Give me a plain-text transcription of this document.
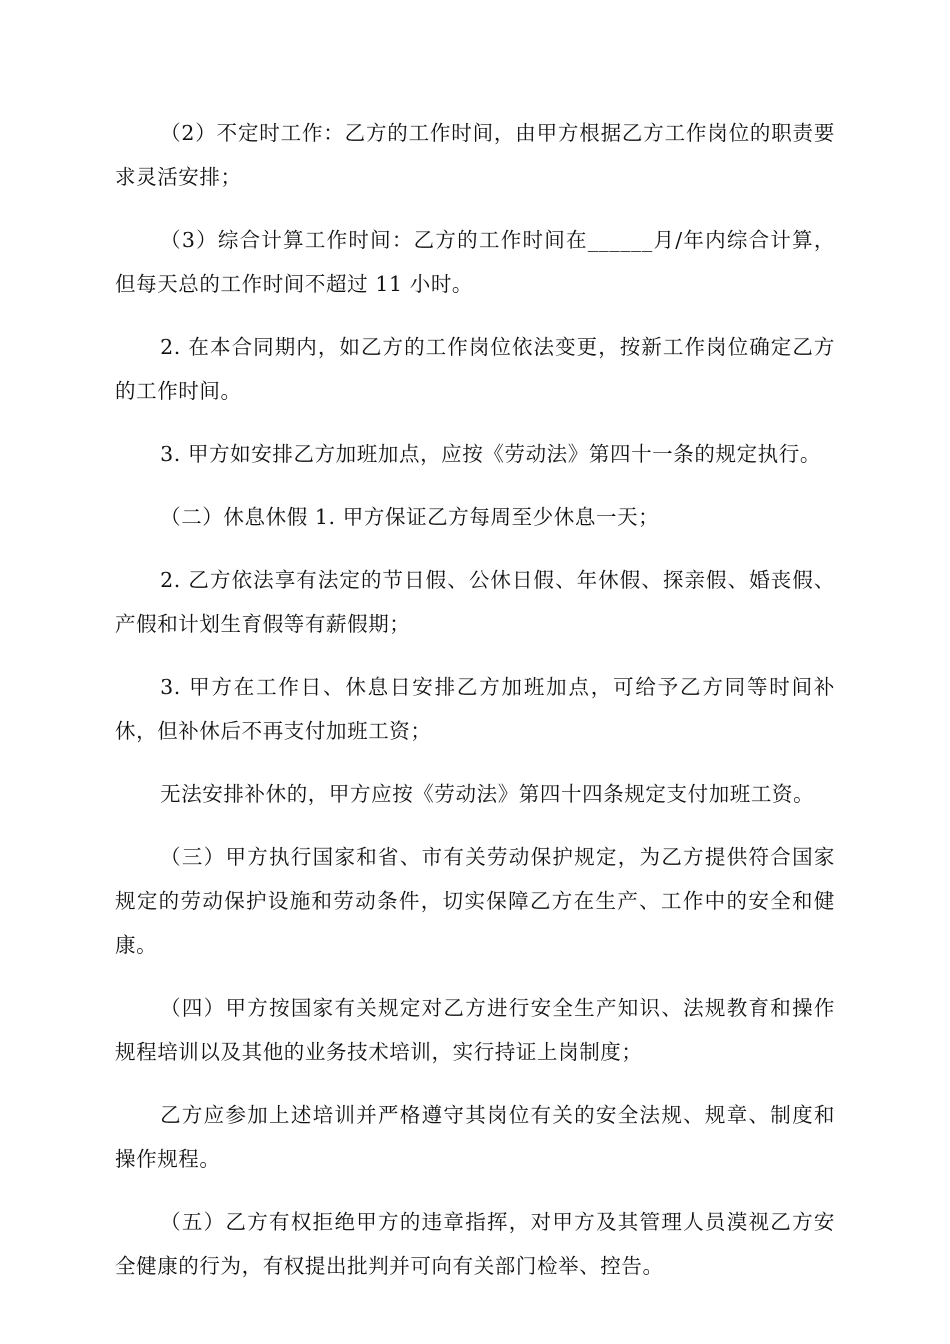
（2）不定时工作：乙方的工作时间，由甲方根据乙方工作岗位的职责要求灵活安排；

（3）综合计算工作时间：乙方的工作时间在______月/年内综合计算，但每天总的工作时间不超过 11 小时。

2. 在本合同期内，如乙方的工作岗位依法变更，按新工作岗位确定乙方的工作时间。

3. 甲方如安排乙方加班加点，应按《劳动法》第四十一条的规定执行。

（二）休息休假 1. 甲方保证乙方每周至少休息一天；

2. 乙方依法享有法定的节日假、公休日假、年休假、探亲假、婚丧假、产假和计划生育假等有薪假期；

3. 甲方在工作日、休息日安排乙方加班加点，可给予乙方同等时间补休，但补休后不再支付加班工资；

无法安排补休的，甲方应按《劳动法》第四十四条规定支付加班工资。

（三）甲方执行国家和省、市有关劳动保护规定，为乙方提供符合国家规定的劳动保护设施和劳动条件，切实保障乙方在生产、工作中的安全和健康。

（四）甲方按国家有关规定对乙方进行安全生产知识、法规教育和操作规程培训以及其他的业务技术培训，实行持证上岗制度；

乙方应参加上述培训并严格遵守其岗位有关的安全法规、规章、制度和操作规程。

（五）乙方有权拒绝甲方的违章指挥，对甲方及其管理人员漠视乙方安全健康的行为，有权提出批判并可向有关部门检举、控告。
